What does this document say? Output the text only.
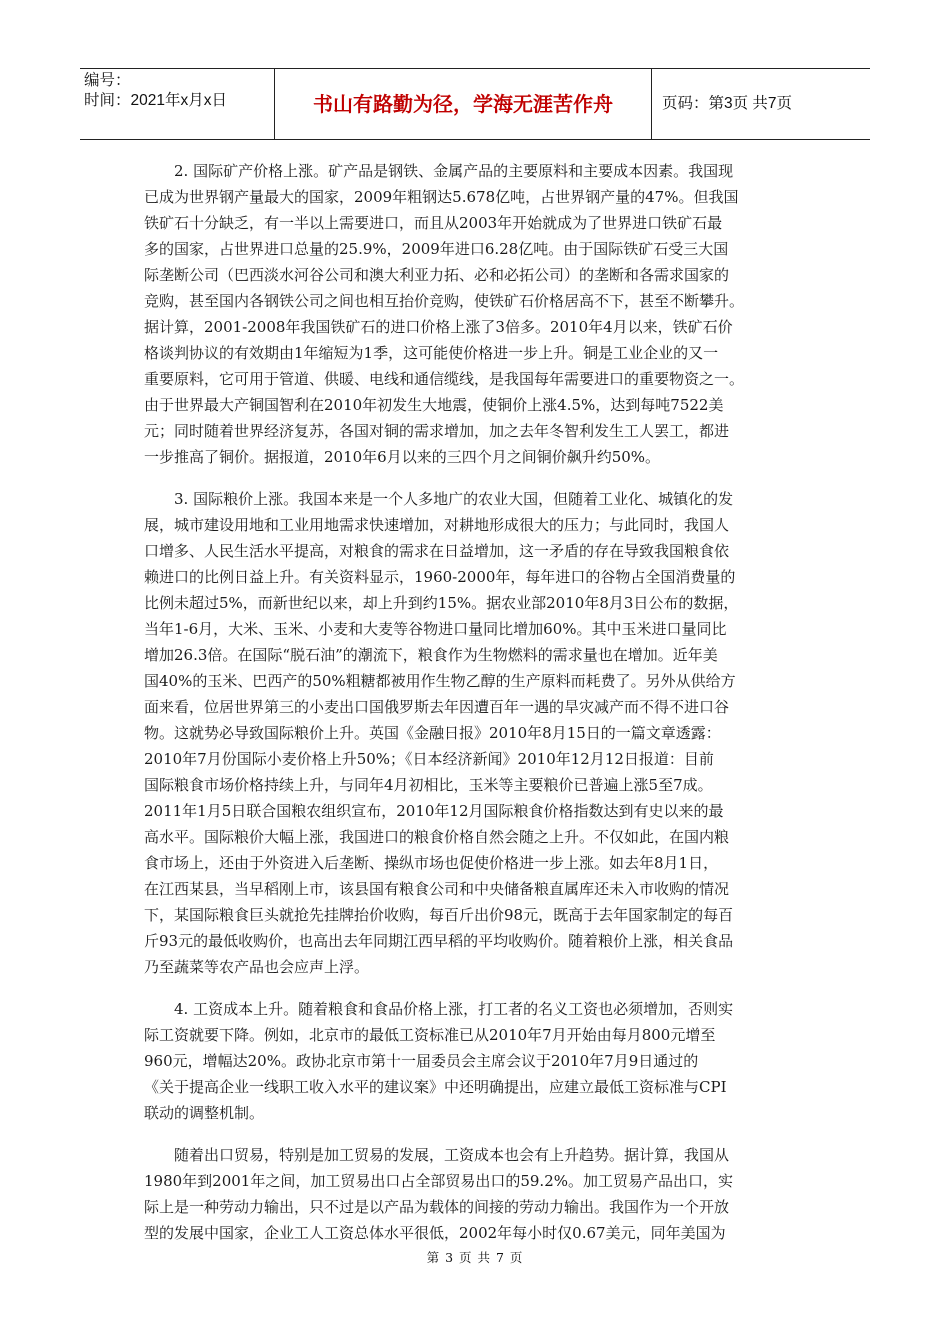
编号：
时间：2021年x月x日	书山有路勤为径，学海无涯苦作舟	页码：第3页 共7页
2. 国际矿产价格上涨。矿产品是钢铁、金属产品的主要原料和主要成本因素。我国现
已成为世界钢产量最大的国家，2009年粗钢达5.678亿吨，占世界钢产量的47%。但我国
铁矿石十分缺乏，有一半以上需要进口，而且从2003年开始就成为了世界进口铁矿石最
多的国家，占世界进口总量的25.9%，2009年进口6.28亿吨。由于国际铁矿石受三大国
际垄断公司（巴西淡水河谷公司和澳大利亚力拓、必和必拓公司）的垄断和各需求国家的
竞购，甚至国内各钢铁公司之间也相互抬价竞购，使铁矿石价格居高不下，甚至不断攀升。
据计算，2001-2008年我国铁矿石的进口价格上涨了3倍多。2010年4月以来，铁矿石价
格谈判协议的有效期由1年缩短为1季，这可能使价格进一步上升。铜是工业企业的又一
重要原料，它可用于管道、供暖、电线和通信缆线，是我国每年需要进口的重要物资之一。
由于世界最大产铜国智利在2010年初发生大地震，使铜价上涨4.5%，达到每吨7522美
元；同时随着世界经济复苏，各国对铜的需求增加，加之去年冬智利发生工人罢工，都进
一步推高了铜价。据报道，2010年6月以来的三四个月之间铜价飙升约50%。
3. 国际粮价上涨。我国本来是一个人多地广的农业大国，但随着工业化、城镇化的发
展，城市建设用地和工业用地需求快速增加，对耕地形成很大的压力；与此同时，我国人
口增多、人民生活水平提高，对粮食的需求在日益增加，这一矛盾的存在导致我国粮食依
赖进口的比例日益上升。有关资料显示，1960-2000年，每年进口的谷物占全国消费量的
比例未超过5%，而新世纪以来，却上升到约15%。据农业部2010年8月3日公布的数据，
当年1-6月，大米、玉米、小麦和大麦等谷物进口量同比增加60%。其中玉米进口量同比
增加26.3倍。在国际“脱石油”的潮流下，粮食作为生物燃料的需求量也在增加。近年美
国40%的玉米、巴西产的50%粗糖都被用作生物乙醇的生产原料而耗费了。另外从供给方
面来看，位居世界第三的小麦出口国俄罗斯去年因遭百年一遇的旱灾减产而不得不进口谷
物。这就势必导致国际粮价上升。英国《金融日报》2010年8月15日的一篇文章透露：
2010年7月份国际小麦价格上升50%；《日本经济新闻》2010年12月12日报道：目前
国际粮食市场价格持续上升，与同年4月初相比，玉米等主要粮价已普遍上涨5至7成。
2011年1月5日联合国粮农组织宣布，2010年12月国际粮食价格指数达到有史以来的最
高水平。国际粮价大幅上涨，我国进口的粮食价格自然会随之上升。不仅如此，在国内粮
食市场上，还由于外资进入后垄断、操纵市场也促使价格进一步上涨。如去年8月1日，
在江西某县，当早稻刚上市，该县国有粮食公司和中央储备粮直属库还未入市收购的情况
下，某国际粮食巨头就抢先挂牌抬价收购，每百斤出价98元，既高于去年国家制定的每百
斤93元的最低收购价，也高出去年同期江西早稻的平均收购价。随着粮价上涨，相关食品
乃至蔬菜等农产品也会应声上浮。
4. 工资成本上升。随着粮食和食品价格上涨，打工者的名义工资也必须增加，否则实
际工资就要下降。例如，北京市的最低工资标准已从2010年7月开始由每月800元增至
960元，增幅达20%。政协北京市第十一届委员会主席会议于2010年7月9日通过的
《关于提高企业一线职工收入水平的建议案》中还明确提出，应建立最低工资标准与CPI
联动的调整机制。
随着出口贸易，特别是加工贸易的发展，工资成本也会有上升趋势。据计算，我国从
1980年到2001年之间，加工贸易出口占全部贸易出口的59.2%。加工贸易产品出口，实
际上是一种劳动力输出，只不过是以产品为载体的间接的劳动力输出。我国作为一个开放
型的发展中国家，企业工人工资总体水平很低，2002年每小时仅0.67美元，同年美国为
第 3 页 共 7 页
